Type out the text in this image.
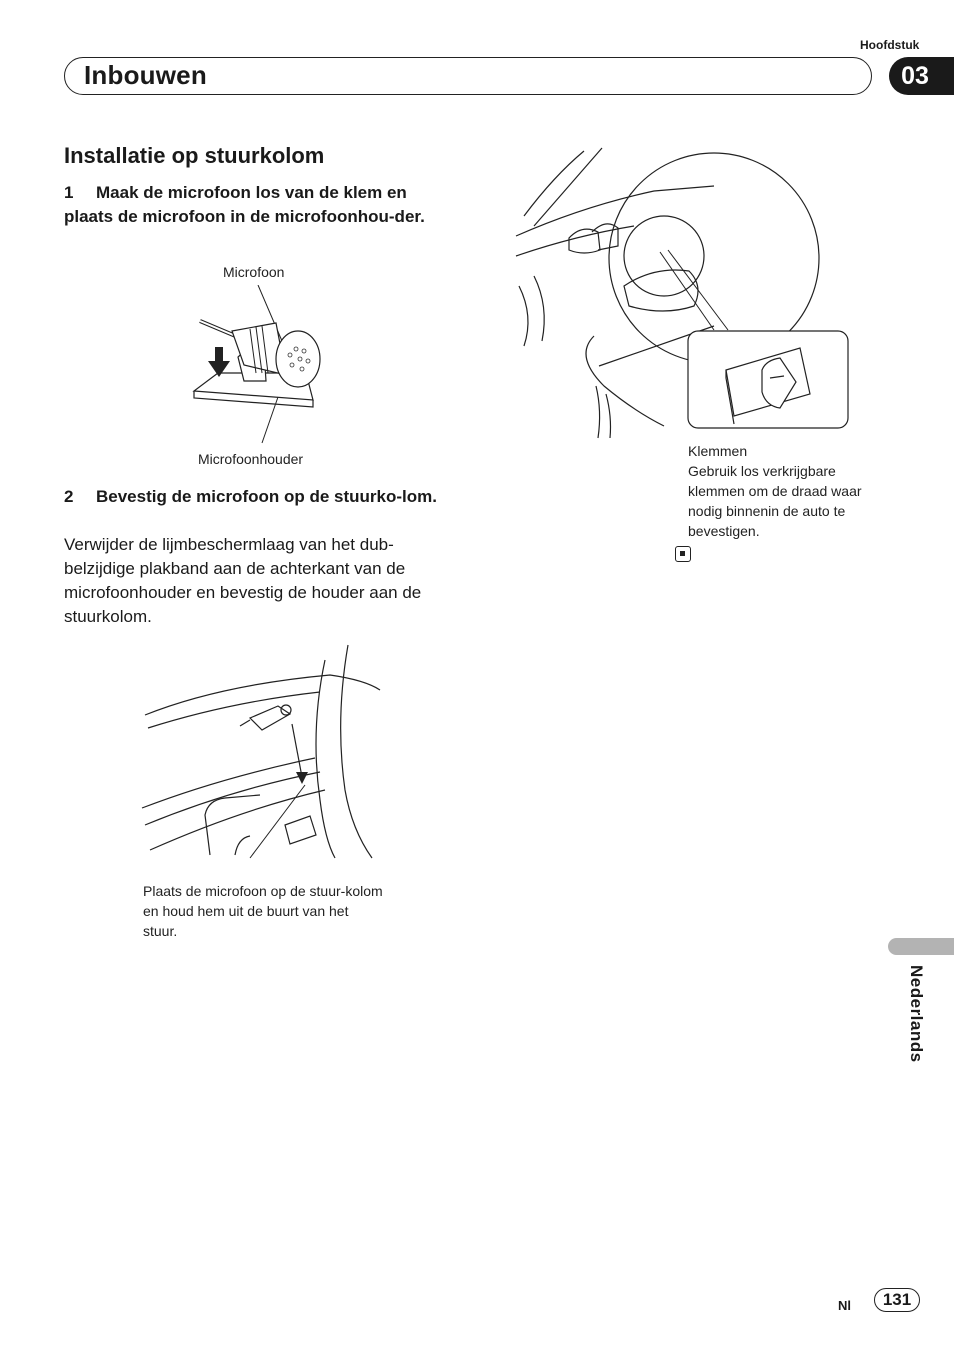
Hoofdstuk
Inbouwen	03
Installatie op stuurkolom
1 Maak de microfoon los van de klem en plaats de microfoon in de microfoonhou-der.
Microfoon
Microfoonhouder
2 Bevestig de microfoon op de stuurko-lom.
Verwijder de lijmbeschermlaag van het dub-belzijdige plakband aan de achterkant van de microfoonhouder en bevestig de houder aan de stuurkolom.
Plaats de microfoon op de stuur-kolom en houd hem uit de buurt van het stuur.
Klemmen
Gebruik los verkrijgbare klemmen om de draad waar nodig binnenin de auto te bevestigen.
Nederlands
Nl	131
